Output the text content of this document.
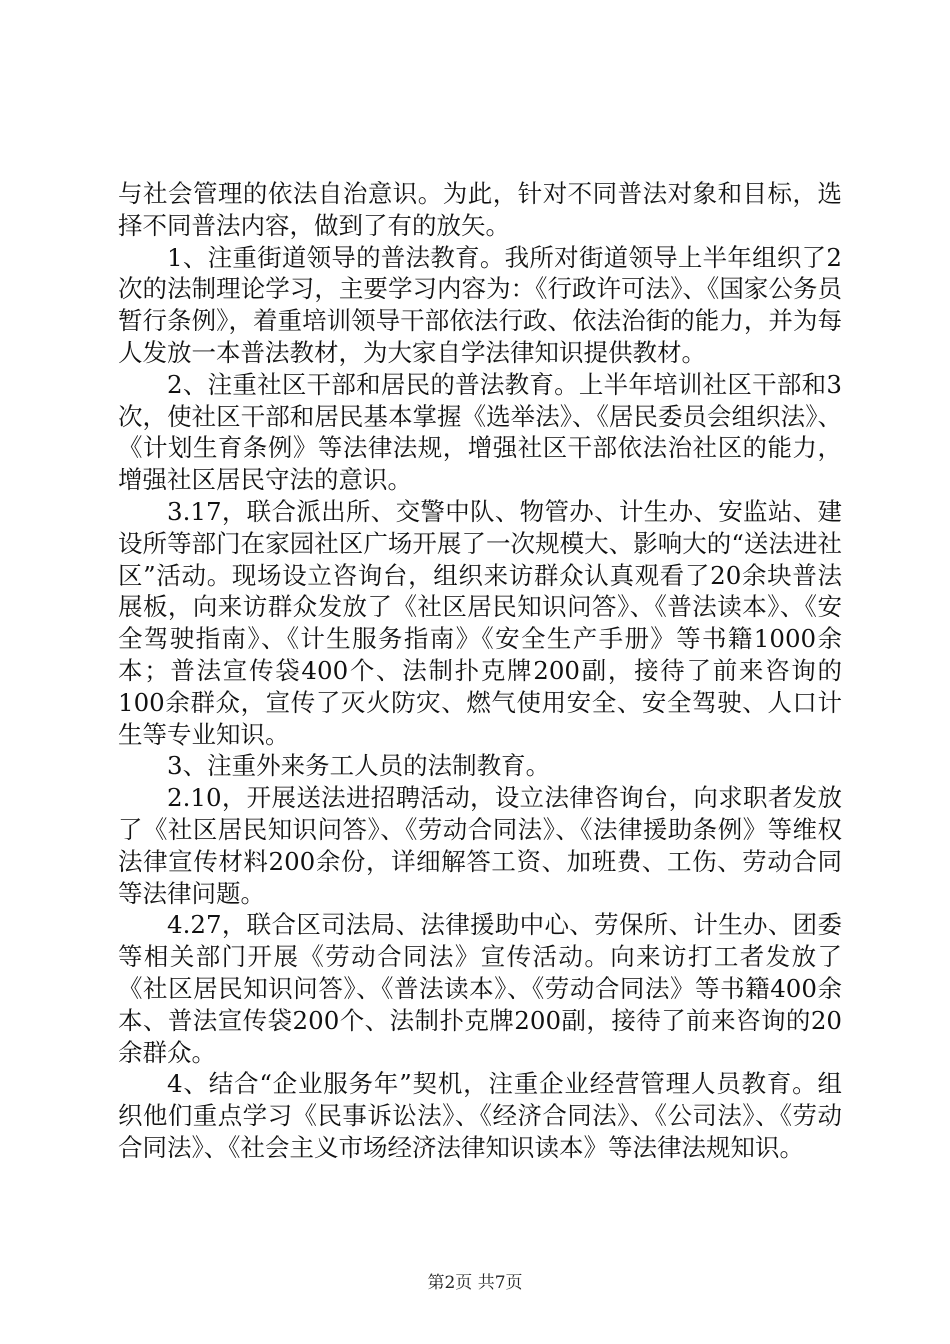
与社会管理的依法自治意识。为此，针对不同普法对象和目标，选择不同普法内容，做到了有的放矢。

1、注重街道领导的普法教育。我所对街道领导上半年组织了2次的法制理论学习，主要学习内容为：《行政许可法》、《国家公务员暂行条例》，着重培训领导干部依法行政、依法治街的能力，并为每人发放一本普法教材，为大家自学法律知识提供教材。

2、注重社区干部和居民的普法教育。上半年培训社区干部和3次，使社区干部和居民基本掌握《选举法》、《居民委员会组织法》、《计划生育条例》等法律法规，增强社区干部依法治社区的能力，增强社区居民守法的意识。

3.17，联合派出所、交警中队、物管办、计生办、安监站、建设所等部门在家园社区广场开展了一次规模大、影响大的“送法进社区”活动。现场设立咨询台，组织来访群众认真观看了20余块普法展板，向来访群众发放了《社区居民知识问答》、《普法读本》、《安全驾驶指南》、《计生服务指南》《安全生产手册》等书籍1000余本；普法宣传袋400个、法制扑克牌200副，接待了前来咨询的100余群众，宣传了灭火防灾、燃气使用安全、安全驾驶、人口计生等专业知识。

3、注重外来务工人员的法制教育。

2.10，开展送法进招聘活动，设立法律咨询台，向求职者发放了《社区居民知识问答》、《劳动合同法》、《法律援助条例》等维权法律宣传材料200余份，详细解答工资、加班费、工伤、劳动合同等法律问题。

4.27，联合区司法局、法律援助中心、劳保所、计生办、团委等相关部门开展《劳动合同法》宣传活动。向来访打工者发放了《社区居民知识问答》、《普法读本》、《劳动合同法》等书籍400余本、普法宣传袋200个、法制扑克牌200副，接待了前来咨询的20余群众。

4、结合“企业服务年”契机，注重企业经营管理人员教育。组织他们重点学习《民事诉讼法》、《经济合同法》、《公司法》、《劳动合同法》、《社会主义市场经济法律知识读本》等法律法规知识。

第2页 共7页
